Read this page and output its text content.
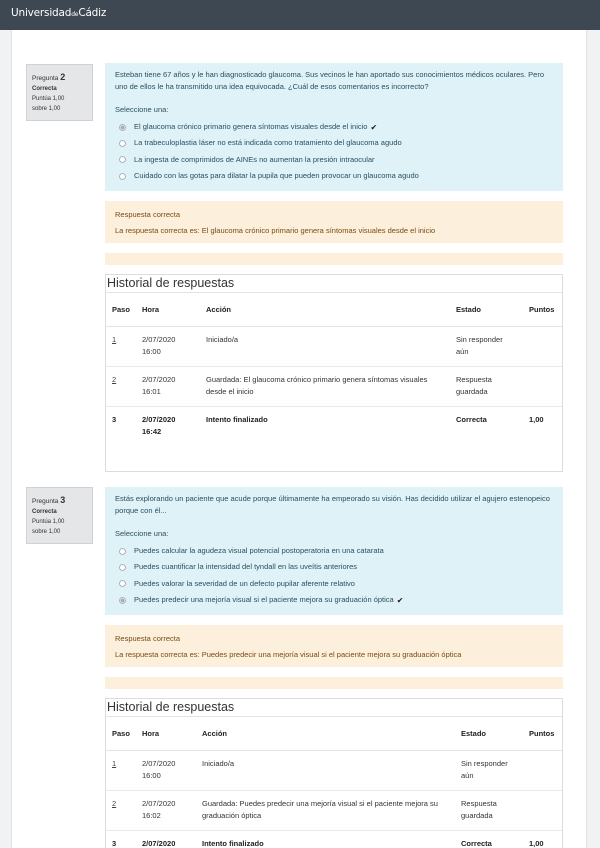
UniversidaddeCádiz
Pregunta 2
Correcta
Puntúa 1,00
sobre 1,00
Esteban tiene 67 años y le han diagnosticado glaucoma. Sus vecinos le han aportado sus conocimientos médicos oculares. Pero uno de ellos le ha transmitido una idea equivocada. ¿Cuál de esos comentarios es incorrecto?
Seleccione una:
El glaucoma crónico primario genera síntomas visuales desde el inicio ✔
La trabeculoplastia láser no está indicada como tratamiento del glaucoma agudo
La ingesta de comprimidos de AINEs no aumentan la presión intraocular
Cuidado con las gotas para dilatar la pupila que pueden provocar un glaucoma agudo
Respuesta correcta
La respuesta correcta es: El glaucoma crónico primario genera síntomas visuales desde el inicio
Historial de respuestas
Paso	Hora	Acción	Estado	Puntos
1	2/07/2020 16:00	Iniciado/a	Sin responder aún	
2	2/07/2020 16:01	Guardada: El glaucoma crónico primario genera síntomas visuales desde el inicio	Respuesta guardada	
3	2/07/2020 16:42	Intento finalizado	Correcta	1,00
Pregunta 3
Correcta
Puntúa 1,00
sobre 1,00
Estás explorando un paciente que acude porque últimamente ha empeorado su visión. Has decidido utilizar el agujero estenopeico porque con él...
Seleccione una:
Puedes calcular la agudeza visual potencial postoperatoria en una catarata
Puedes cuantificar la intensidad del tyndall en las uveítis anteriores
Puedes valorar la severidad de un defecto pupilar aferente relativo
Puedes predecir una mejoría visual si el paciente mejora su graduación óptica ✔
Respuesta correcta
La respuesta correcta es: Puedes predecir una mejoría visual si el paciente mejora su graduación óptica
Historial de respuestas
Paso	Hora	Acción	Estado	Puntos
1	2/07/2020 16:00	Iniciado/a	Sin responder aún	
2	2/07/2020 16:02	Guardada: Puedes predecir una mejoría visual si el paciente mejora su graduación óptica	Respuesta guardada	
3	2/07/2020	Intento finalizado	Correcta	1,00
